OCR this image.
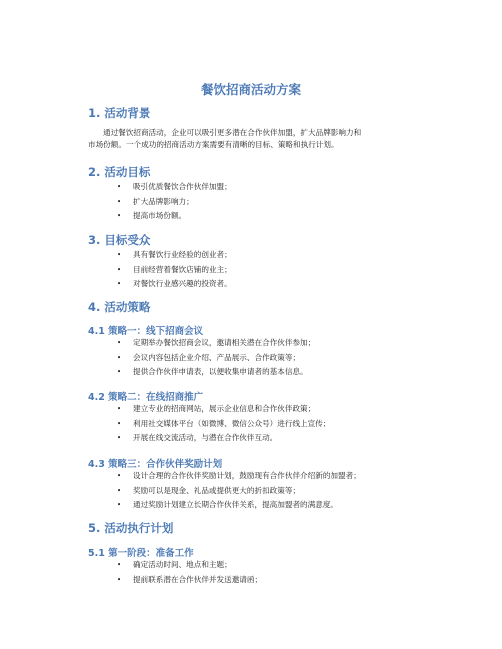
餐饮招商活动方案
1. 活动背景
通过餐饮招商活动，企业可以吸引更多潜在合作伙伴加盟，扩大品牌影响力和
市场份额。一个成功的招商活动方案需要有清晰的目标、策略和执行计划。
2. 活动目标
• 吸引优质餐饮合作伙伴加盟；
• 扩大品牌影响力；
• 提高市场份额。
3. 目标受众
• 具有餐饮行业经验的创业者；
• 目前经营着餐饮店铺的业主；
• 对餐饮行业感兴趣的投资者。
4. 活动策略
4.1 策略一：线下招商会议
• 定期举办餐饮招商会议，邀请相关潜在合作伙伴参加；
• 会议内容包括企业介绍、产品展示、合作政策等；
• 提供合作伙伴申请表，以便收集申请者的基本信息。
4.2 策略二：在线招商推广
• 建立专业的招商网站，展示企业信息和合作伙伴政策；
• 利用社交媒体平台（如微博、微信公众号）进行线上宣传；
• 开展在线交流活动，与潜在合作伙伴互动。
4.3 策略三：合作伙伴奖励计划
• 设计合理的合作伙伴奖励计划，鼓励现有合作伙伴介绍新的加盟者；
• 奖励可以是现金、礼品或提供更大的折扣政策等；
• 通过奖励计划建立长期合作伙伴关系，提高加盟者的满意度。
5. 活动执行计划
5.1 第一阶段：准备工作
• 确定活动时间、地点和主题；
• 提前联系潜在合作伙伴并发送邀请函；
